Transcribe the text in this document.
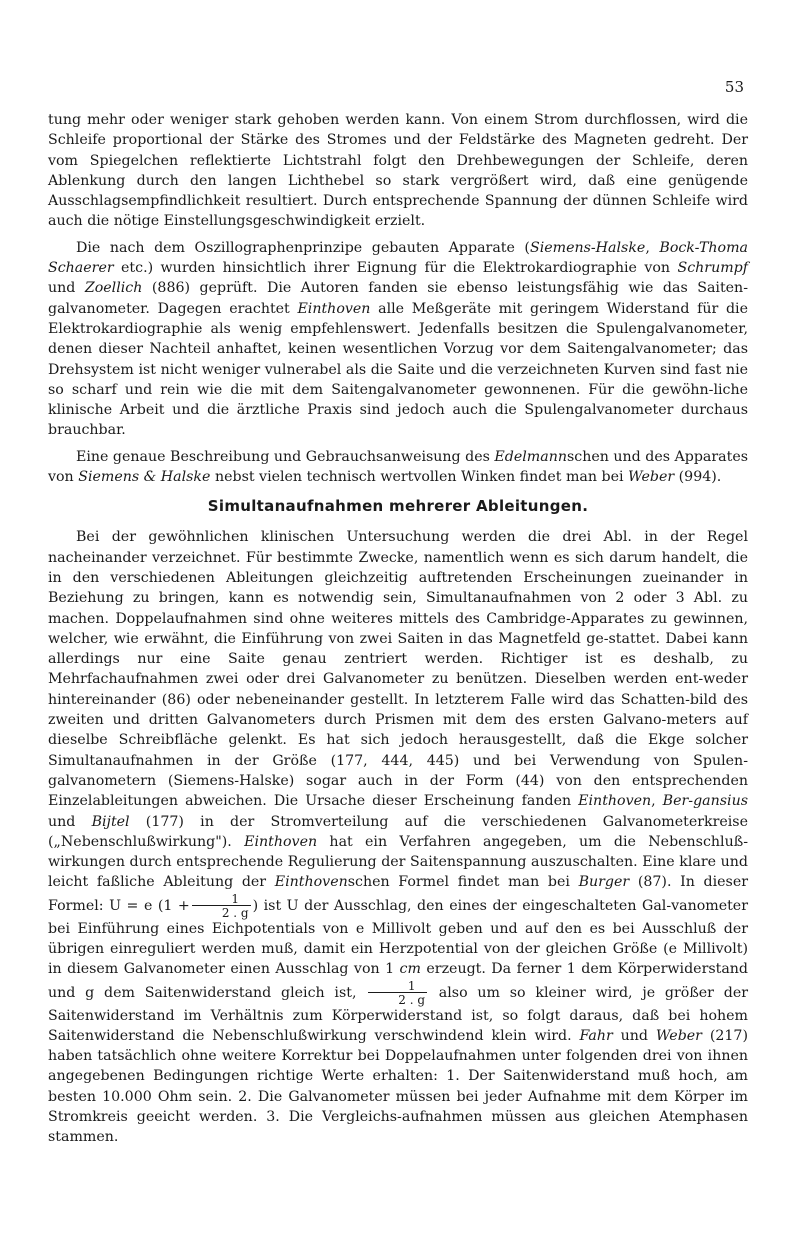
53

tung mehr oder weniger stark gehoben werden kann. Von einem Strom durchflossen, wird die Schleife proportional der Stärke des Stromes und der Feldstärke des Magneten gedreht. Der vom Spiegelchen reflektierte Lichtstrahl folgt den Drehbewegungen der Schleife, deren Ablenkung durch den langen Lichthebel so stark vergrößert wird, daß eine genügende Ausschlagsempfindlichkeit resultiert. Durch entsprechende Spannung der dünnen Schleife wird auch die nötige Einstellungsgeschwindigkeit erzielt.

Die nach dem Oszillographenprinzipe gebauten Apparate (Siemens-Halske, Bock-Thoma Schaerer etc.) wurden hinsichtlich ihrer Eignung für die Elektrokardiographie von Schrumpf und Zoellich (886) geprüft. Die Autoren fanden sie ebenso leistungsfähig wie das Saiten-galvanometer. Dagegen erachtet Einthoven alle Meßgeräte mit geringem Widerstand für die Elektrokardiographie als wenig empfehlenswert. Jedenfalls besitzen die Spulengalvanometer, denen dieser Nachteil anhaftet, keinen wesentlichen Vorzug vor dem Saitengalvanometer; das Drehsystem ist nicht weniger vulnerabel als die Saite und die verzeichneten Kurven sind fast nie so scharf und rein wie die mit dem Saitengalvanometer gewonnenen. Für die gewöhn-liche klinische Arbeit und die ärztliche Praxis sind jedoch auch die Spulengalvanometer durchaus brauchbar.

Eine genaue Beschreibung und Gebrauchsanweisung des Edelmannschen und des Apparates von Siemens & Halske nebst vielen technisch wertvollen Winken findet man bei Weber (994).

Simultanaufnahmen mehrerer Ableitungen.

Bei der gewöhnlichen klinischen Untersuchung werden die drei Abl. in der Regel nacheinander verzeichnet. Für bestimmte Zwecke, namentlich wenn es sich darum handelt, die in den verschiedenen Ableitungen gleichzeitig auftretenden Erscheinungen zueinander in Beziehung zu bringen, kann es notwendig sein, Simultanaufnahmen von 2 oder 3 Abl. zu machen. Doppelaufnahmen sind ohne weiteres mittels des Cambridge-Apparates zu gewinnen, welcher, wie erwähnt, die Einführung von zwei Saiten in das Magnetfeld ge-stattet. Dabei kann allerdings nur eine Saite genau zentriert werden. Richtiger ist es deshalb, zu Mehrfachaufnahmen zwei oder drei Galvanometer zu benützen. Dieselben werden ent-weder hintereinander (86) oder nebeneinander gestellt. In letzterem Falle wird das Schatten-bild des zweiten und dritten Galvanometers durch Prismen mit dem des ersten Galvano-meters auf dieselbe Schreibfläche gelenkt. Es hat sich jedoch herausgestellt, daß die Ekge solcher Simultanaufnahmen in der Größe (177, 444, 445) und bei Verwendung von Spulen-galvanometern (Siemens-Halske) sogar auch in der Form (44) von den entsprechenden Einzelableitungen abweichen. Die Ursache dieser Erscheinung fanden Einthoven, Ber-gansius und Bijtel (177) in der Stromverteilung auf die verschiedenen Galvanometerkreise („Nebenschlußwirkung"). Einthoven hat ein Verfahren angegeben, um die Nebenschluß-wirkungen durch entsprechende Regulierung der Saitenspannung auszuschalten. Eine klare und leicht faßliche Ableitung der Einthovenschen Formel findet man bei Burger (87). In dieser Formel: U = e ($1 + \frac{1}{2 . g}$ ) ist U der Ausschlag, den eines der eingeschalteten Gal-vanometer bei Einführung eines Eichpotentials von e Millivolt geben und auf den es bei Ausschluß der übrigen einreguliert werden muß, damit ein Herzpotential von der gleichen Größe (e Millivolt) in diesem Galvanometer einen Ausschlag von 1 cm erzeugt. Da ferner 1 dem Körperwiderstand und g dem Saitenwiderstand gleich ist, $\frac{1}{2 . g}$ also um so kleiner wird, je größer der Saitenwiderstand im Verhältnis zum Körperwiderstand ist, so folgt daraus, daß bei hohem Saitenwiderstand die Nebenschlußwirkung verschwindend klein wird. Fahr und Weber (217) haben tatsächlich ohne weitere Korrektur bei Doppelaufnahmen unter folgenden drei von ihnen angegebenen Bedingungen richtige Werte erhalten: 1. Der Saitenwiderstand muß hoch, am besten 10.000 Ohm sein. 2. Die Galvanometer müssen bei jeder Aufnahme mit dem Körper im Stromkreis geeicht werden. 3. Die Vergleichs-aufnahmen müssen aus gleichen Atemphasen stammen.
